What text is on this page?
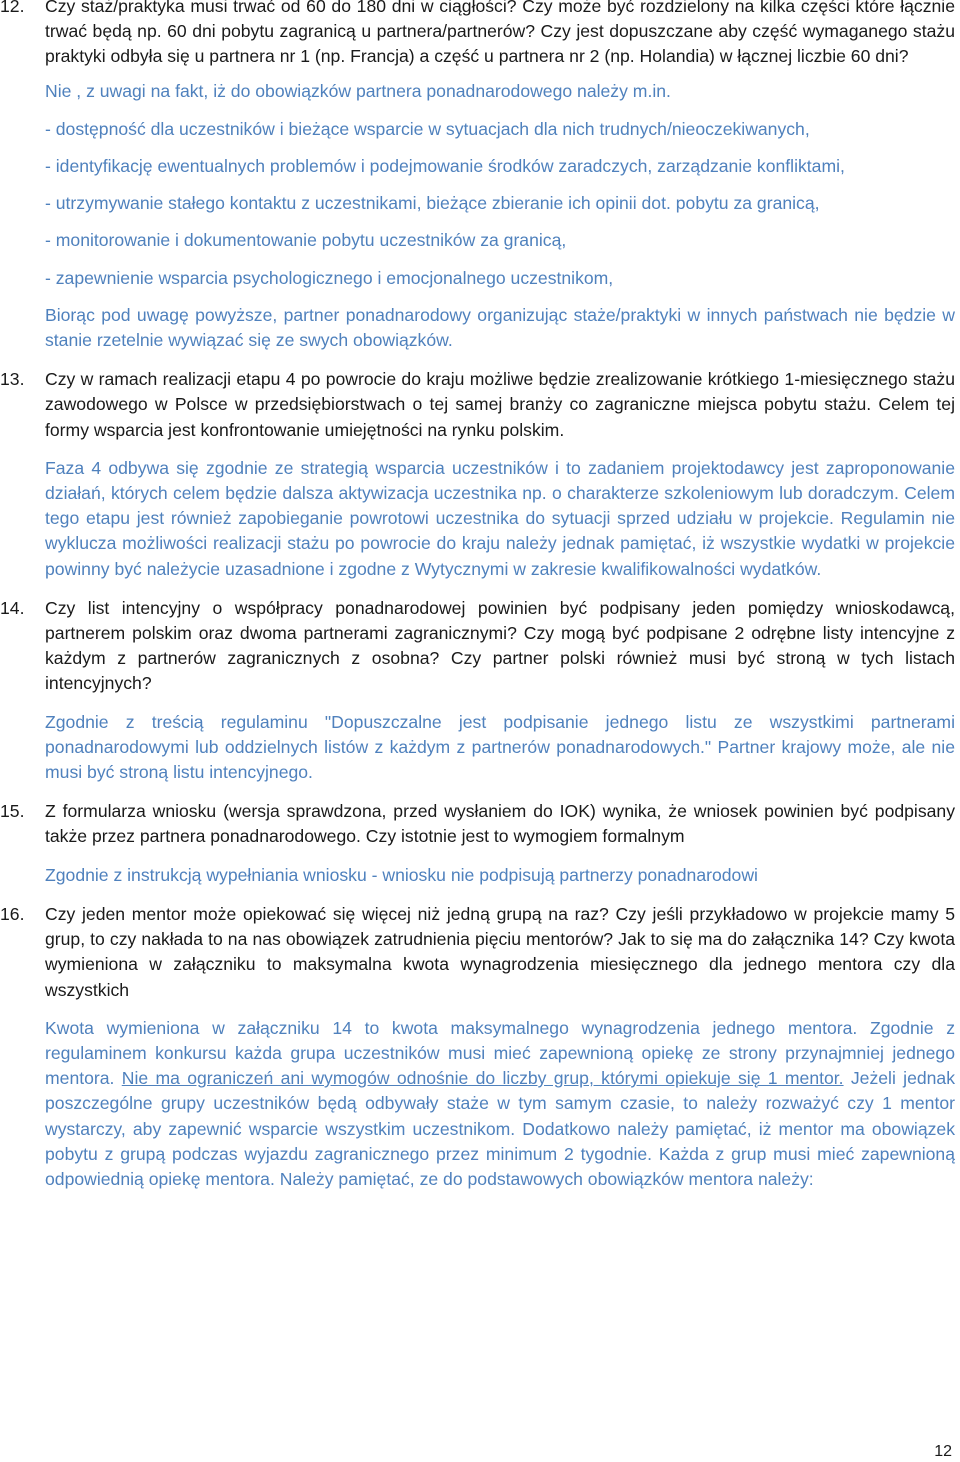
12. Czy staż/praktyka musi trwać od 60 do 180 dni w ciągłości? Czy może być rozdzielony na kilka części które łącznie trwać będą np. 60 dni pobytu zagranicą u partnera/partnerów? Czy jest dopuszczane aby część wymaganego stażu praktyki odbyła się u partnera nr 1 (np. Francja) a część u partnera nr 2 (np. Holandia) w łącznej liczbie 60 dni?

Nie , z uwagi na fakt, iż do obowiązków partnera ponadnarodowego należy m.in.

- dostępność dla uczestników i bieżące wsparcie w sytuacjach dla nich trudnych/nieoczekiwanych,

- identyfikację ewentualnych problemów i podejmowanie środków zaradczych, zarządzanie konfliktami,

- utrzymywanie stałego kontaktu z uczestnikami, bieżące zbieranie ich opinii dot. pobytu za granicą,

- monitorowanie i dokumentowanie pobytu uczestników za granicą,

- zapewnienie wsparcia psychologicznego i emocjonalnego uczestnikom,

Biorąc pod uwagę powyższe, partner ponadnarodowy organizując staże/praktyki w innych państwach nie będzie w stanie rzetelnie wywiązać się ze swych obowiązków.

13. Czy w ramach realizacji etapu 4 po powrocie do kraju możliwe będzie zrealizowanie krótkiego 1-miesięcznego stażu zawodowego w Polsce w przedsiębiorstwach o tej samej branży co zagraniczne miejsca pobytu stażu. Celem tej formy wsparcia jest konfrontowanie umiejętności na rynku polskim.

Faza 4 odbywa się zgodnie ze strategią wsparcia uczestników i to zadaniem projektodawcy jest zaproponowanie działań, których celem będzie dalsza aktywizacja uczestnika np. o charakterze szkoleniowym lub doradczym. Celem tego etapu jest również zapobieganie powrotowi uczestnika do sytuacji sprzed udziału w projekcie. Regulamin nie wyklucza możliwości realizacji stażu po powrocie do kraju należy jednak pamiętać, iż wszystkie wydatki w projekcie powinny być należycie uzasadnione i zgodne z Wytycznymi w zakresie kwalifikowalności wydatków.

14. Czy list intencyjny o współpracy ponadnarodowej powinien być podpisany jeden pomiędzy wnioskodawcą, partnerem polskim oraz dwoma partnerami zagranicznymi? Czy mogą być podpisane 2 odrębne listy intencyjne z każdym z partnerów zagranicznych z osobna? Czy partner polski również musi być stroną w tych listach intencyjnych?

Zgodnie z treścią regulaminu "Dopuszczalne jest podpisanie jednego listu ze wszystkimi partnerami ponadnarodowymi lub oddzielnych listów z każdym z partnerów ponadnarodowych." Partner krajowy może, ale nie musi być stroną listu intencyjnego.

15. Z formularza wniosku (wersja sprawdzona, przed wysłaniem do IOK) wynika, że wniosek powinien być podpisany także przez partnera ponadnarodowego. Czy istotnie jest to wymogiem formalnym

Zgodnie z instrukcją wypełniania wniosku - wniosku nie podpisują partnerzy ponadnarodowi

16. Czy jeden mentor może opiekować się więcej niż jedną grupą na raz? Czy jeśli przykładowo w projekcie mamy 5 grup, to czy nakłada to na nas obowiązek zatrudnienia pięciu mentorów? Jak to się ma do załącznika 14? Czy kwota wymieniona w załączniku to maksymalna kwota wynagrodzenia miesięcznego dla jednego mentora czy dla wszystkich

Kwota wymieniona w załączniku 14 to kwota maksymalnego wynagrodzenia jednego mentora. Zgodnie z regulaminem konkursu każda grupa uczestników musi mieć zapewnioną opiekę ze strony przynajmniej jednego mentora. Nie ma ograniczeń ani wymogów odnośnie do liczby grup, którymi opiekuje się 1 mentor. Jeżeli jednak poszczególne grupy uczestników będą odbywały staże w tym samym czasie, to należy rozważyć czy 1 mentor wystarczy, aby zapewnić wsparcie wszystkim uczestnikom. Dodatkowo należy pamiętać, iż mentor ma obowiązek pobytu z grupą podczas wyjazdu zagranicznego przez minimum 2 tygodnie. Każda z grup musi mieć zapewnioną odpowiednią opiekę mentora. Należy pamiętać, ze do podstawowych obowiązków mentora należy:

12
